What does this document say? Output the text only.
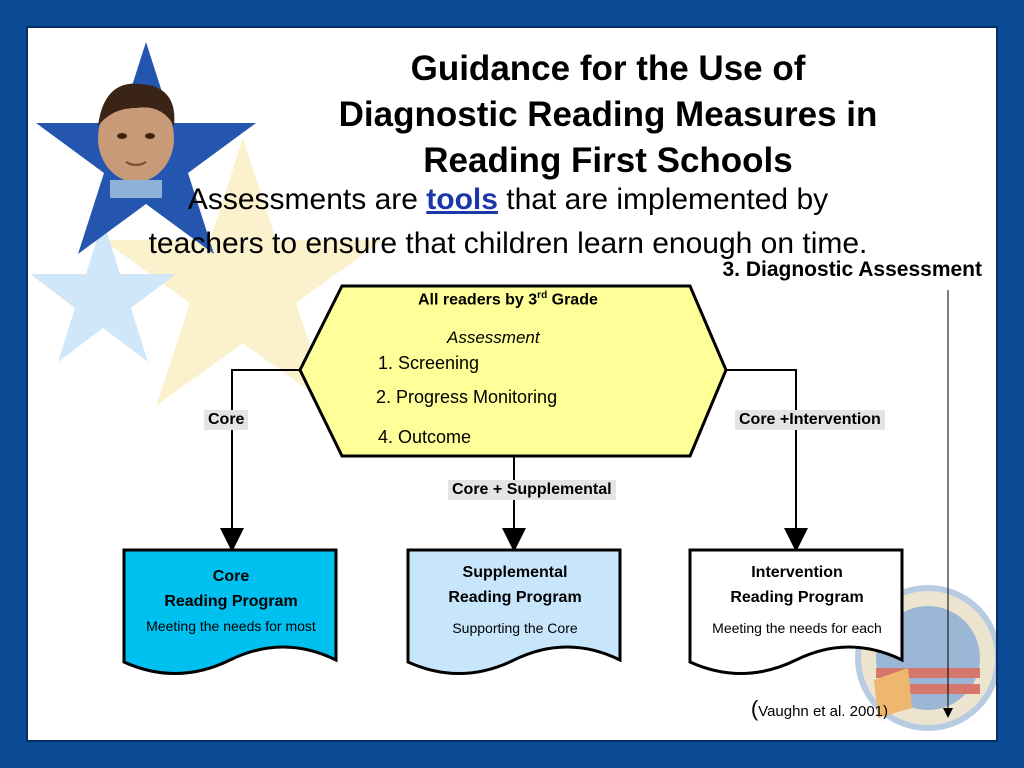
Guidance for the Use of
Diagnostic Reading Measures in
Reading First Schools
Assessments are tools that are implemented by
teachers to ensure that children learn enough on time.
3. Diagnostic Assessment
All readers by 3rd Grade
Assessment
1. Screening
2. Progress Monitoring
4. Outcome
Core
Core + Supplemental
Core +Intervention
Core
Reading Program
Meeting the needs for most
Supplemental
Reading Program
Supporting the Core
Intervention
Reading Program
Meeting the needs for each
(Vaughn et al. 2001)
